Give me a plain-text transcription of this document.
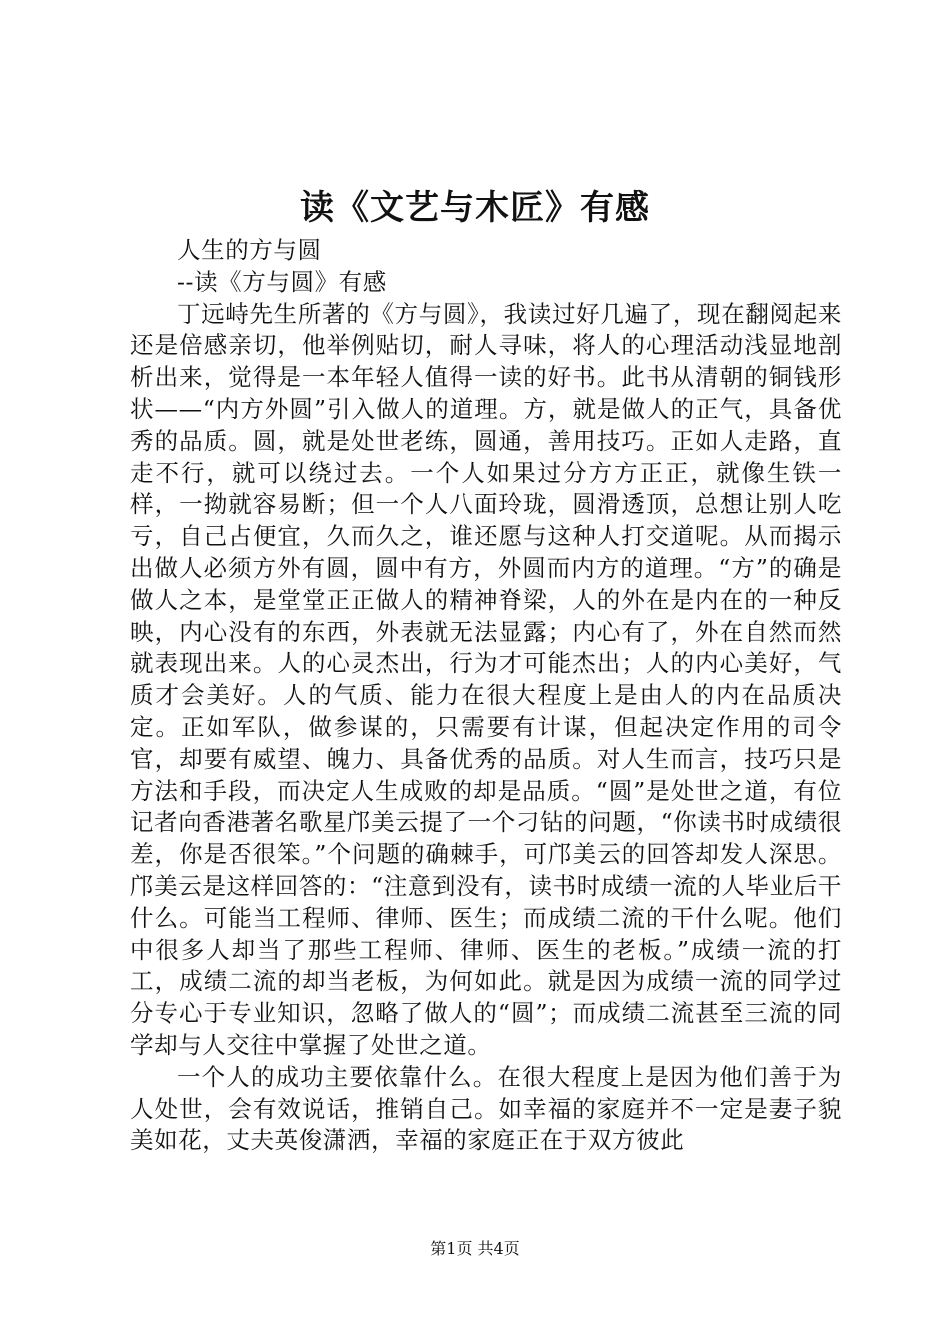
读《文艺与木匠》有感

人生的方与圆

--读《方与圆》有感

丁远峙先生所著的《方与圆》，我读过好几遍了，现在翻阅起来还是倍感亲切，他举例贴切，耐人寻味，将人的心理活动浅显地剖析出来，觉得是一本年轻人值得一读的好书。此书从清朝的铜钱形状——“内方外圆”引入做人的道理。方，就是做人的正气，具备优秀的品质。圆，就是处世老练，圆通，善用技巧。正如人走路，直走不行，就可以绕过去。一个人如果过分方方正正，就像生铁一样，一拗就容易断；但一个人八面玲珑，圆滑透顶，总想让别人吃亏，自己占便宜，久而久之，谁还愿与这种人打交道呢。从而揭示出做人必须方外有圆，圆中有方，外圆而内方的道理。“方”的确是做人之本，是堂堂正正做人的精神脊梁，人的外在是内在的一种反映，内心没有的东西，外表就无法显露；内心有了，外在自然而然就表现出来。人的心灵杰出，行为才可能杰出；人的内心美好，气质才会美好。人的气质、能力在很大程度上是由人的内在品质决定。正如军队，做参谋的，只需要有计谋，但起决定作用的司令官，却要有威望、魄力、具备优秀的品质。对人生而言，技巧只是方法和手段，而决定人生成败的却是品质。“圆”是处世之道，有位记者向香港著名歌星邝美云提了一个刁钻的问题，“你读书时成绩很差，你是否很笨。”个问题的确棘手，可邝美云的回答却发人深思。邝美云是这样回答的：“注意到没有，读书时成绩一流的人毕业后干什么。可能当工程师、律师、医生；而成绩二流的干什么呢。他们中很多人却当了那些工程师、律师、医生的老板。”成绩一流的打工，成绩二流的却当老板，为何如此。就是因为成绩一流的同学过分专心于专业知识，忽略了做人的“圆”；而成绩二流甚至三流的同学却与人交往中掌握了处世之道。

一个人的成功主要依靠什么。在很大程度上是因为他们善于为人处世，会有效说话，推销自己。如幸福的家庭并不一定是妻子貌美如花，丈夫英俊潇洒，幸福的家庭正在于双方彼此

第1页 共4页
